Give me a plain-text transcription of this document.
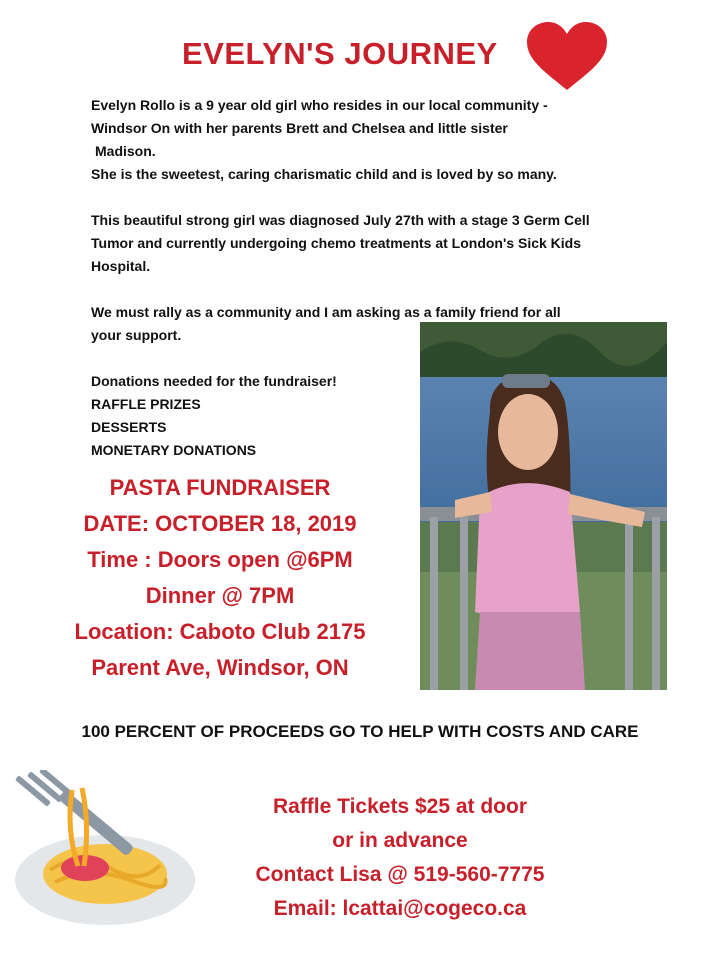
EVELYN'S JOURNEY

Evelyn Rollo is a 9 year old girl who resides in our local community -

Windsor On with her parents Brett and Chelsea and little sister

Madison.

She is the sweetest, caring charismatic child and is loved by so many.

This beautiful strong girl was diagnosed July 27th with a stage 3 Germ Cell

Tumor and currently undergoing chemo treatments at London's Sick Kids

Hospital.

We must rally as a community and I am asking as a family friend for all

your support.

Donations needed for the fundraiser!

RAFFLE PRIZES

DESSERTS

MONETARY DONATIONS

PASTA FUNDRAISER
DATE: OCTOBER 18, 2019
Time : Doors open @6PM
Dinner @ 7PM
Location: Caboto Club 2175
Parent Ave, Windsor, ON
100 PERCENT OF PROCEEDS GO TO HELP WITH COSTS AND CARE
Raffle Tickets $25 at door
or in advance
Contact Lisa @ 519-560-7775
Email: lcattai@cogeco.ca
